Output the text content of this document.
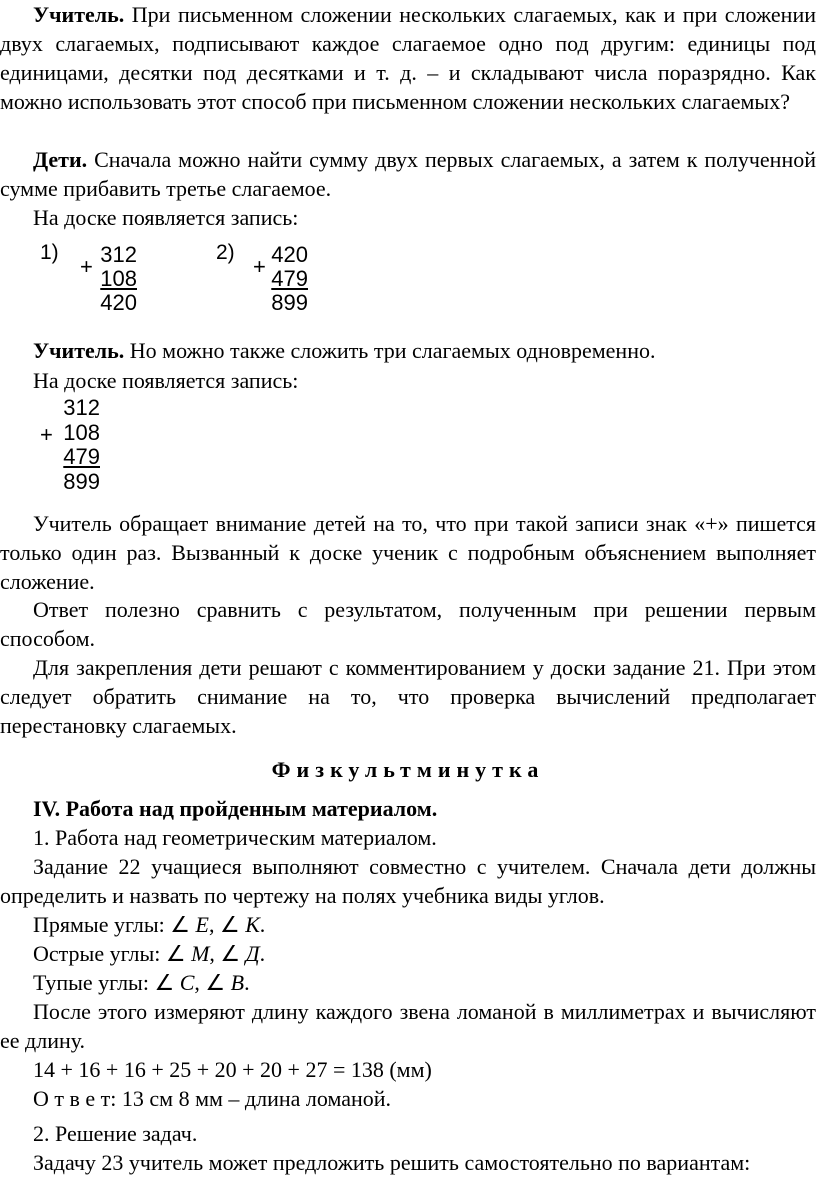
Учитель. При письменном сложении нескольких слагаемых, как и при сложении двух слагаемых, подписывают каждое слагаемое одно под другим: единицы под единицами, десятки под десятками и т. д. – и складывают числа поразрядно. Как можно использовать этот способ при письменном сложении нескольких слагаемых?

Дети. Сначала можно найти сумму двух первых слагаемых, а затем к полученной сумме прибавить третье слагаемое.

На доске появляется запись:

1)
+ 312
108
420
2)
+ 420
479
899

Учитель. Но можно также сложить три слагаемых одновременно.

На доске появляется запись:

+
312
108
479
899

Учитель обращает внимание детей на то, что при такой записи знак «+» пишется только один раз. Вызванный к доске ученик с подробным объяснением выполняет сложение.

Ответ полезно сравнить с результатом, полученным при решении первым способом.

Для закрепления дети решают с комментированием у доски задание 21. При этом следует обратить снимание на то, что проверка вычислений предполагает перестановку слагаемых.

Физкультминутка

IV. Работа над пройденным материалом.

1. Работа над геометрическим материалом.

Задание 22 учащиеся выполняют совместно с учителем. Сначала дети должны определить и назвать по чертежу на полях учебника виды углов.

Прямые углы: ∠ Е, ∠ К.

Острые углы: ∠ М, ∠ Д.

Тупые углы: ∠ С, ∠ В.

После этого измеряют длину каждого звена ломаной в миллиметрах и вычисляют ее длину.

14 + 16 + 16 + 25 + 20 + 20 + 27 = 138 (мм)

О т в е т: 13 см 8 мм – длина ломаной.

2. Решение задач.

Задачу 23 учитель может предложить решить самостоятельно по вариантам:
